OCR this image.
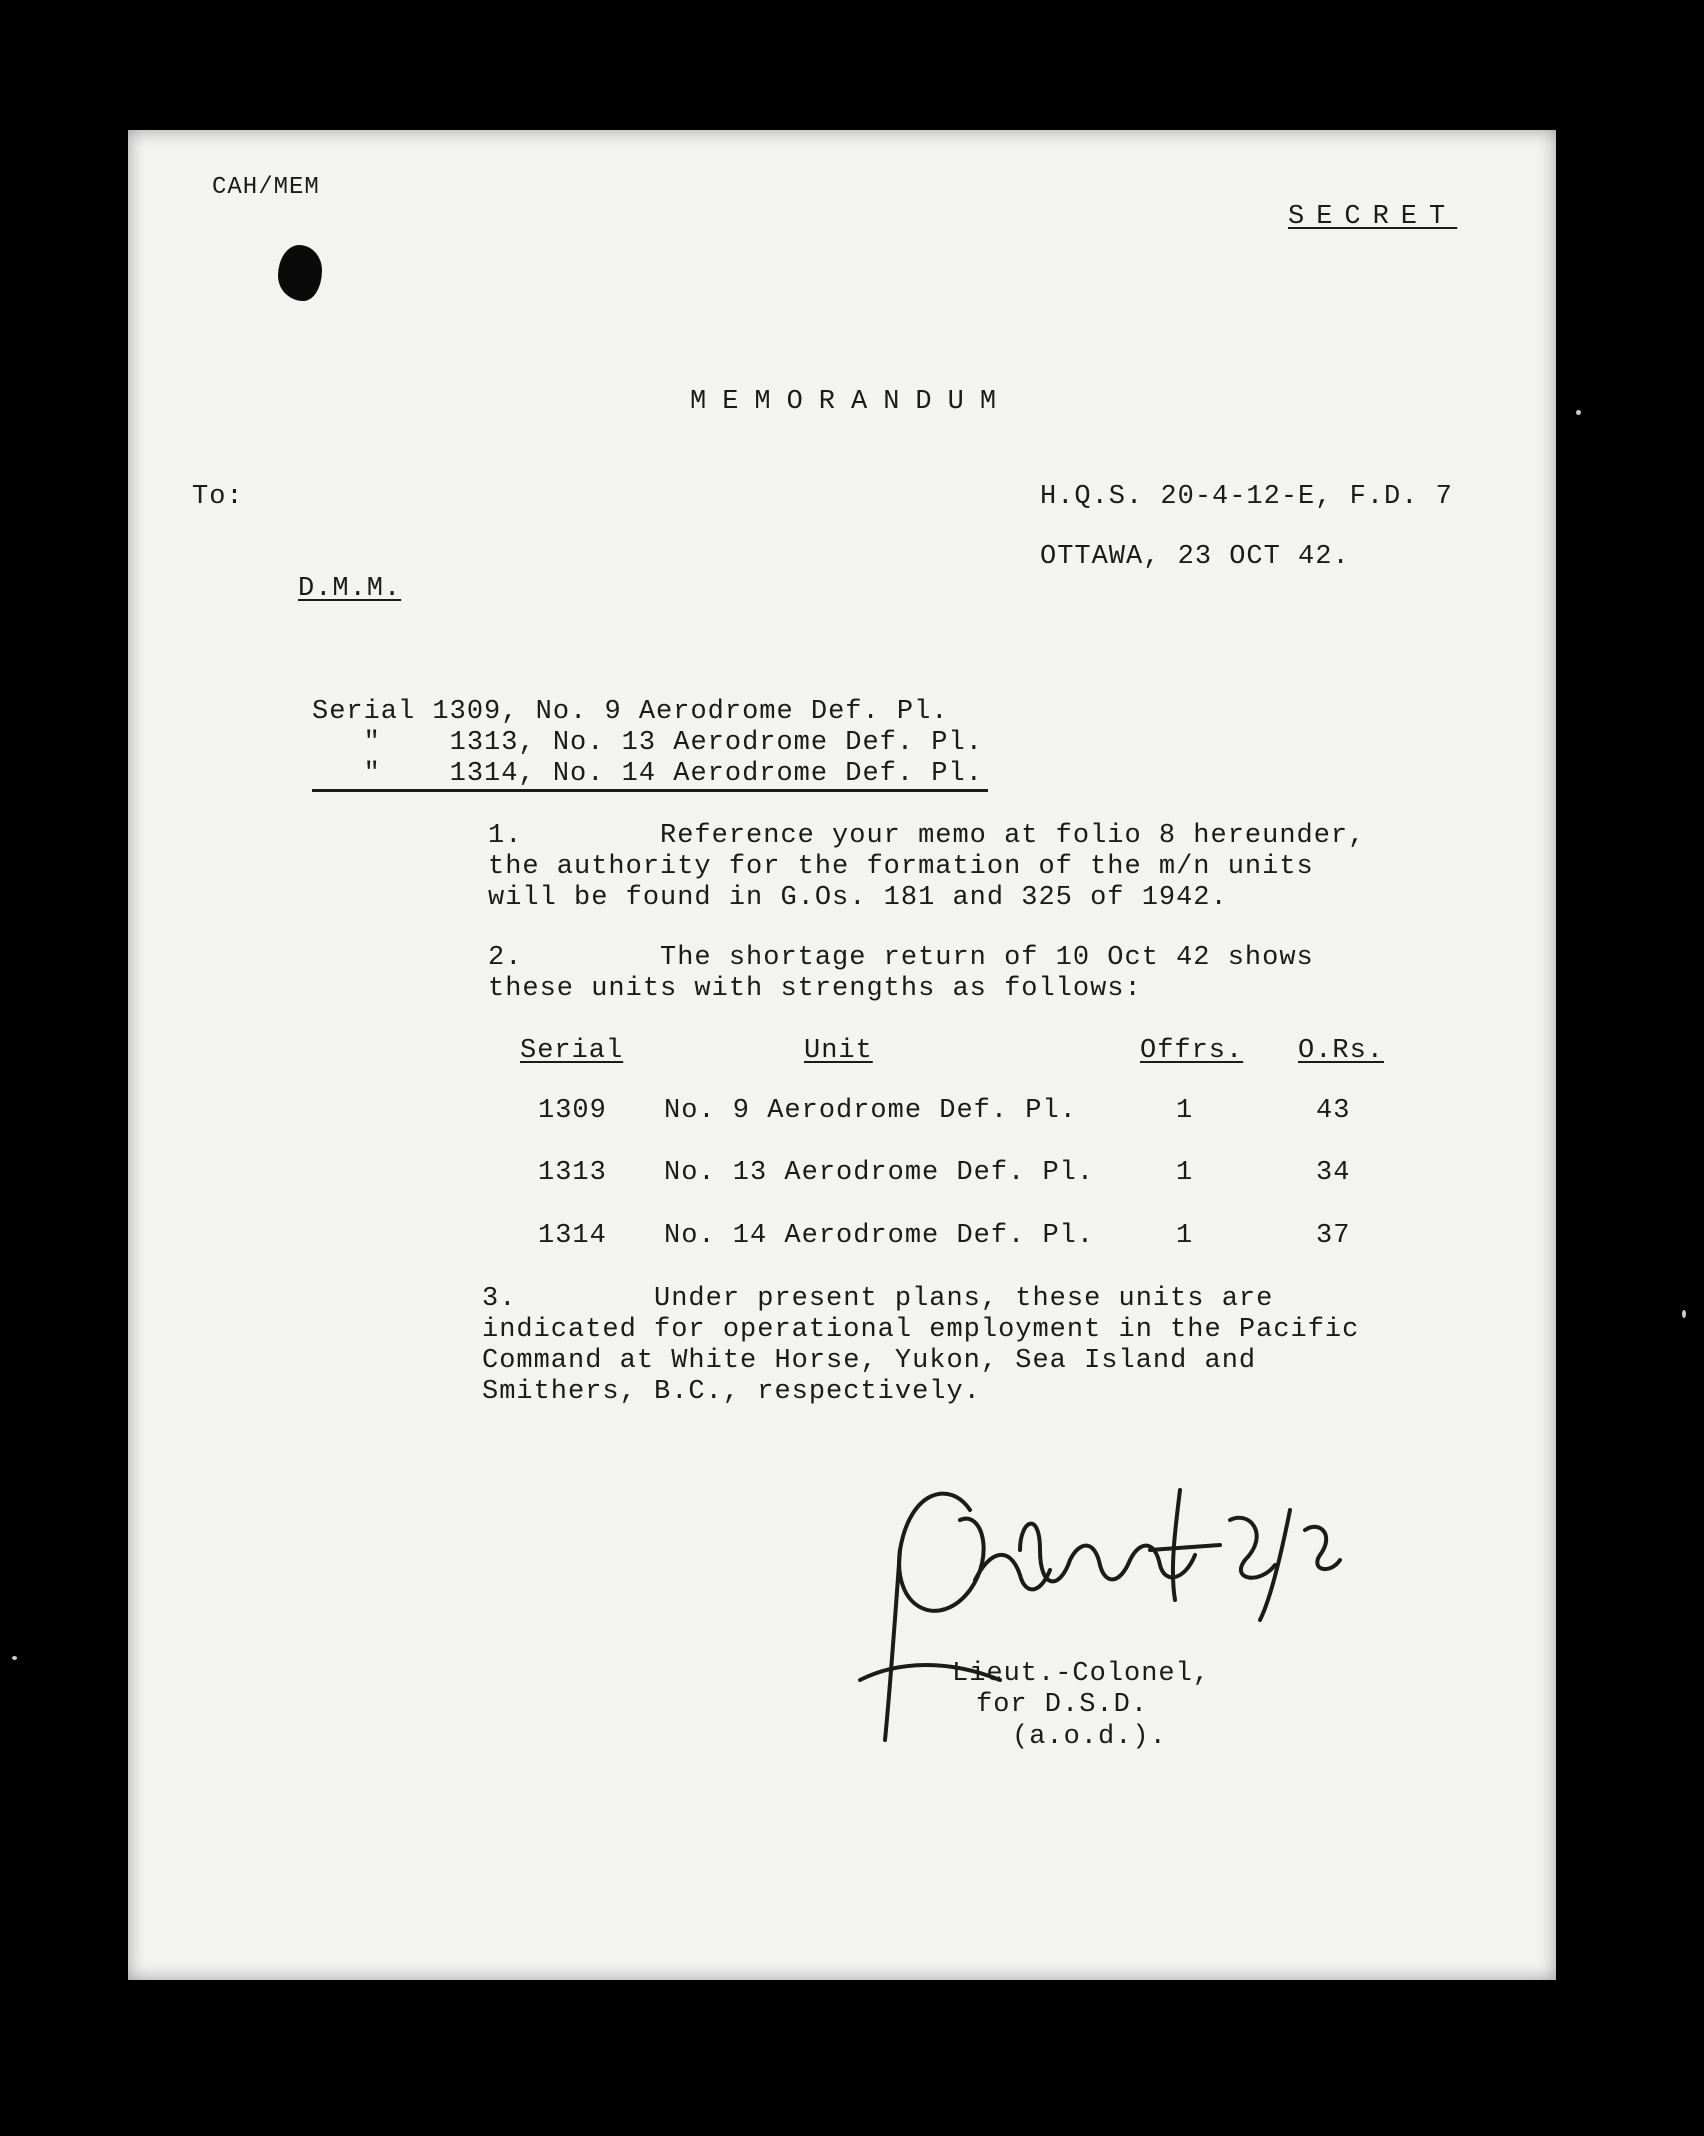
CAH/MEM
SECRET
MEMORANDUM
To:	H.Q.S. 20-4-12-E, F.D. 7
OTTAWA, 23 OCT 42.
D.M.M.
Serial 1309, No. 9 Aerodrome Def. Pl.
"    1313, No. 13 Aerodrome Def. Pl.
"    1314, No. 14 Aerodrome Def. Pl.
1.        Reference your memo at folio 8 hereunder,
the authority for the formation of the m/n units
will be found in G.Os. 181 and 325 of 1942.
2.        The shortage return of 10 Oct 42 shows
these units with strengths as follows:
Serial	Unit	Offrs. O.Rs.
1309 No. 9 Aerodrome Def. Pl.	1	43
1313 No. 13 Aerodrome Def. Pl.	1	34
1314 No. 14 Aerodrome Def. Pl.	1	37
3.        Under present plans, these units are
indicated for operational employment in the Pacific
Command at White Horse, Yukon, Sea Island and
Smithers, B.C., respectively.
Lieut.-Colonel,
for D.S.D.
(a.o.d.).
